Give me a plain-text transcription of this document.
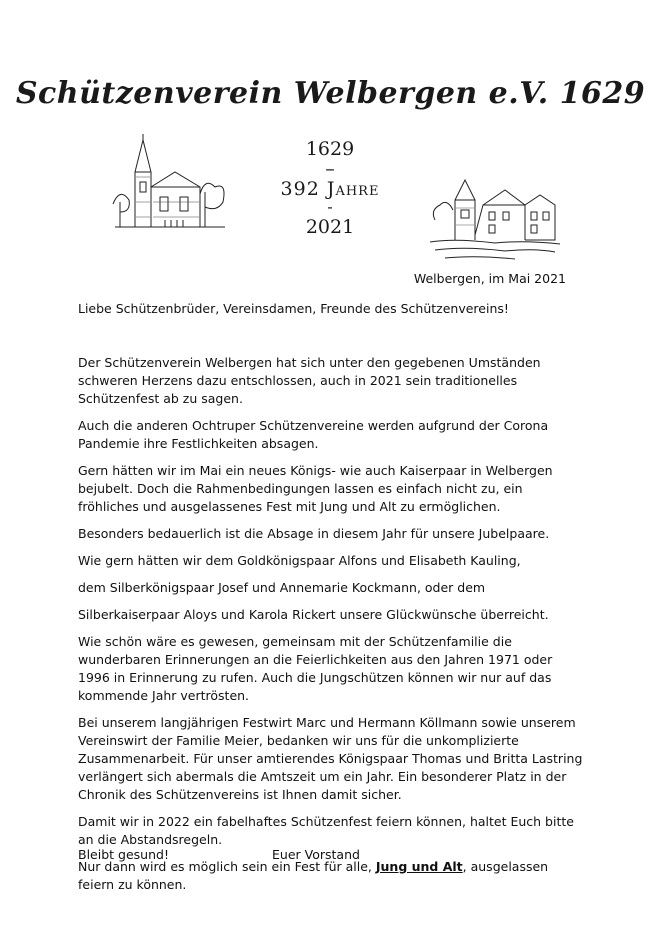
Schützenverein Welbergen e.V. 1629
1629
–
392 Jahre
-
2021
Welbergen, im Mai 2021

Liebe Schützenbrüder, Vereinsdamen, Freunde des Schützenvereins!

Der Schützenverein Welbergen hat sich unter den gegebenen Umständen schweren Herzens dazu entschlossen, auch in 2021 sein traditionelles Schützenfest ab zu sagen.

Auch die anderen Ochtruper Schützenvereine werden aufgrund der Corona Pandemie ihre Festlichkeiten absagen.

Gern hätten wir im Mai ein neues Königs- wie auch Kaiserpaar in Welbergen bejubelt. Doch die Rahmenbedingungen lassen es einfach nicht zu, ein fröhliches und ausgelassenes Fest mit Jung und Alt zu ermöglichen.

Besonders bedauerlich ist die Absage in diesem Jahr für unsere Jubelpaare.

Wie gern hätten wir dem Goldkönigspaar Alfons und Elisabeth Kauling,

dem Silberkönigspaar Josef und Annemarie Kockmann, oder dem

Silberkaiserpaar Aloys und Karola Rickert unsere Glückwünsche überreicht.

Wie schön wäre es gewesen, gemeinsam mit der Schützenfamilie die wunderbaren Erinnerungen an die Feierlichkeiten aus den Jahren 1971 oder 1996 in Erinnerung zu rufen. Auch die Jungschützen können wir nur auf das kommende Jahr vertrösten.

Bei unserem langjährigen Festwirt Marc und Hermann Köllmann sowie unserem Vereinswirt der Familie Meier, bedanken wir uns für die unkomplizierte Zusammenarbeit. Für unser amtierendes Königspaar Thomas und Britta Lastring verlängert sich abermals die Amtszeit um ein Jahr. Ein besonderer Platz in der Chronik des Schützenvereins ist Ihnen damit sicher.

Damit wir in 2022 ein fabelhaftes Schützenfest feiern können, haltet Euch bitte an die Abstandsregeln.

Nur dann wird es möglich sein ein Fest für alle, Jung und Alt, ausgelassen feiern zu können.

Bleibt gesund!	Euer Vorstand
